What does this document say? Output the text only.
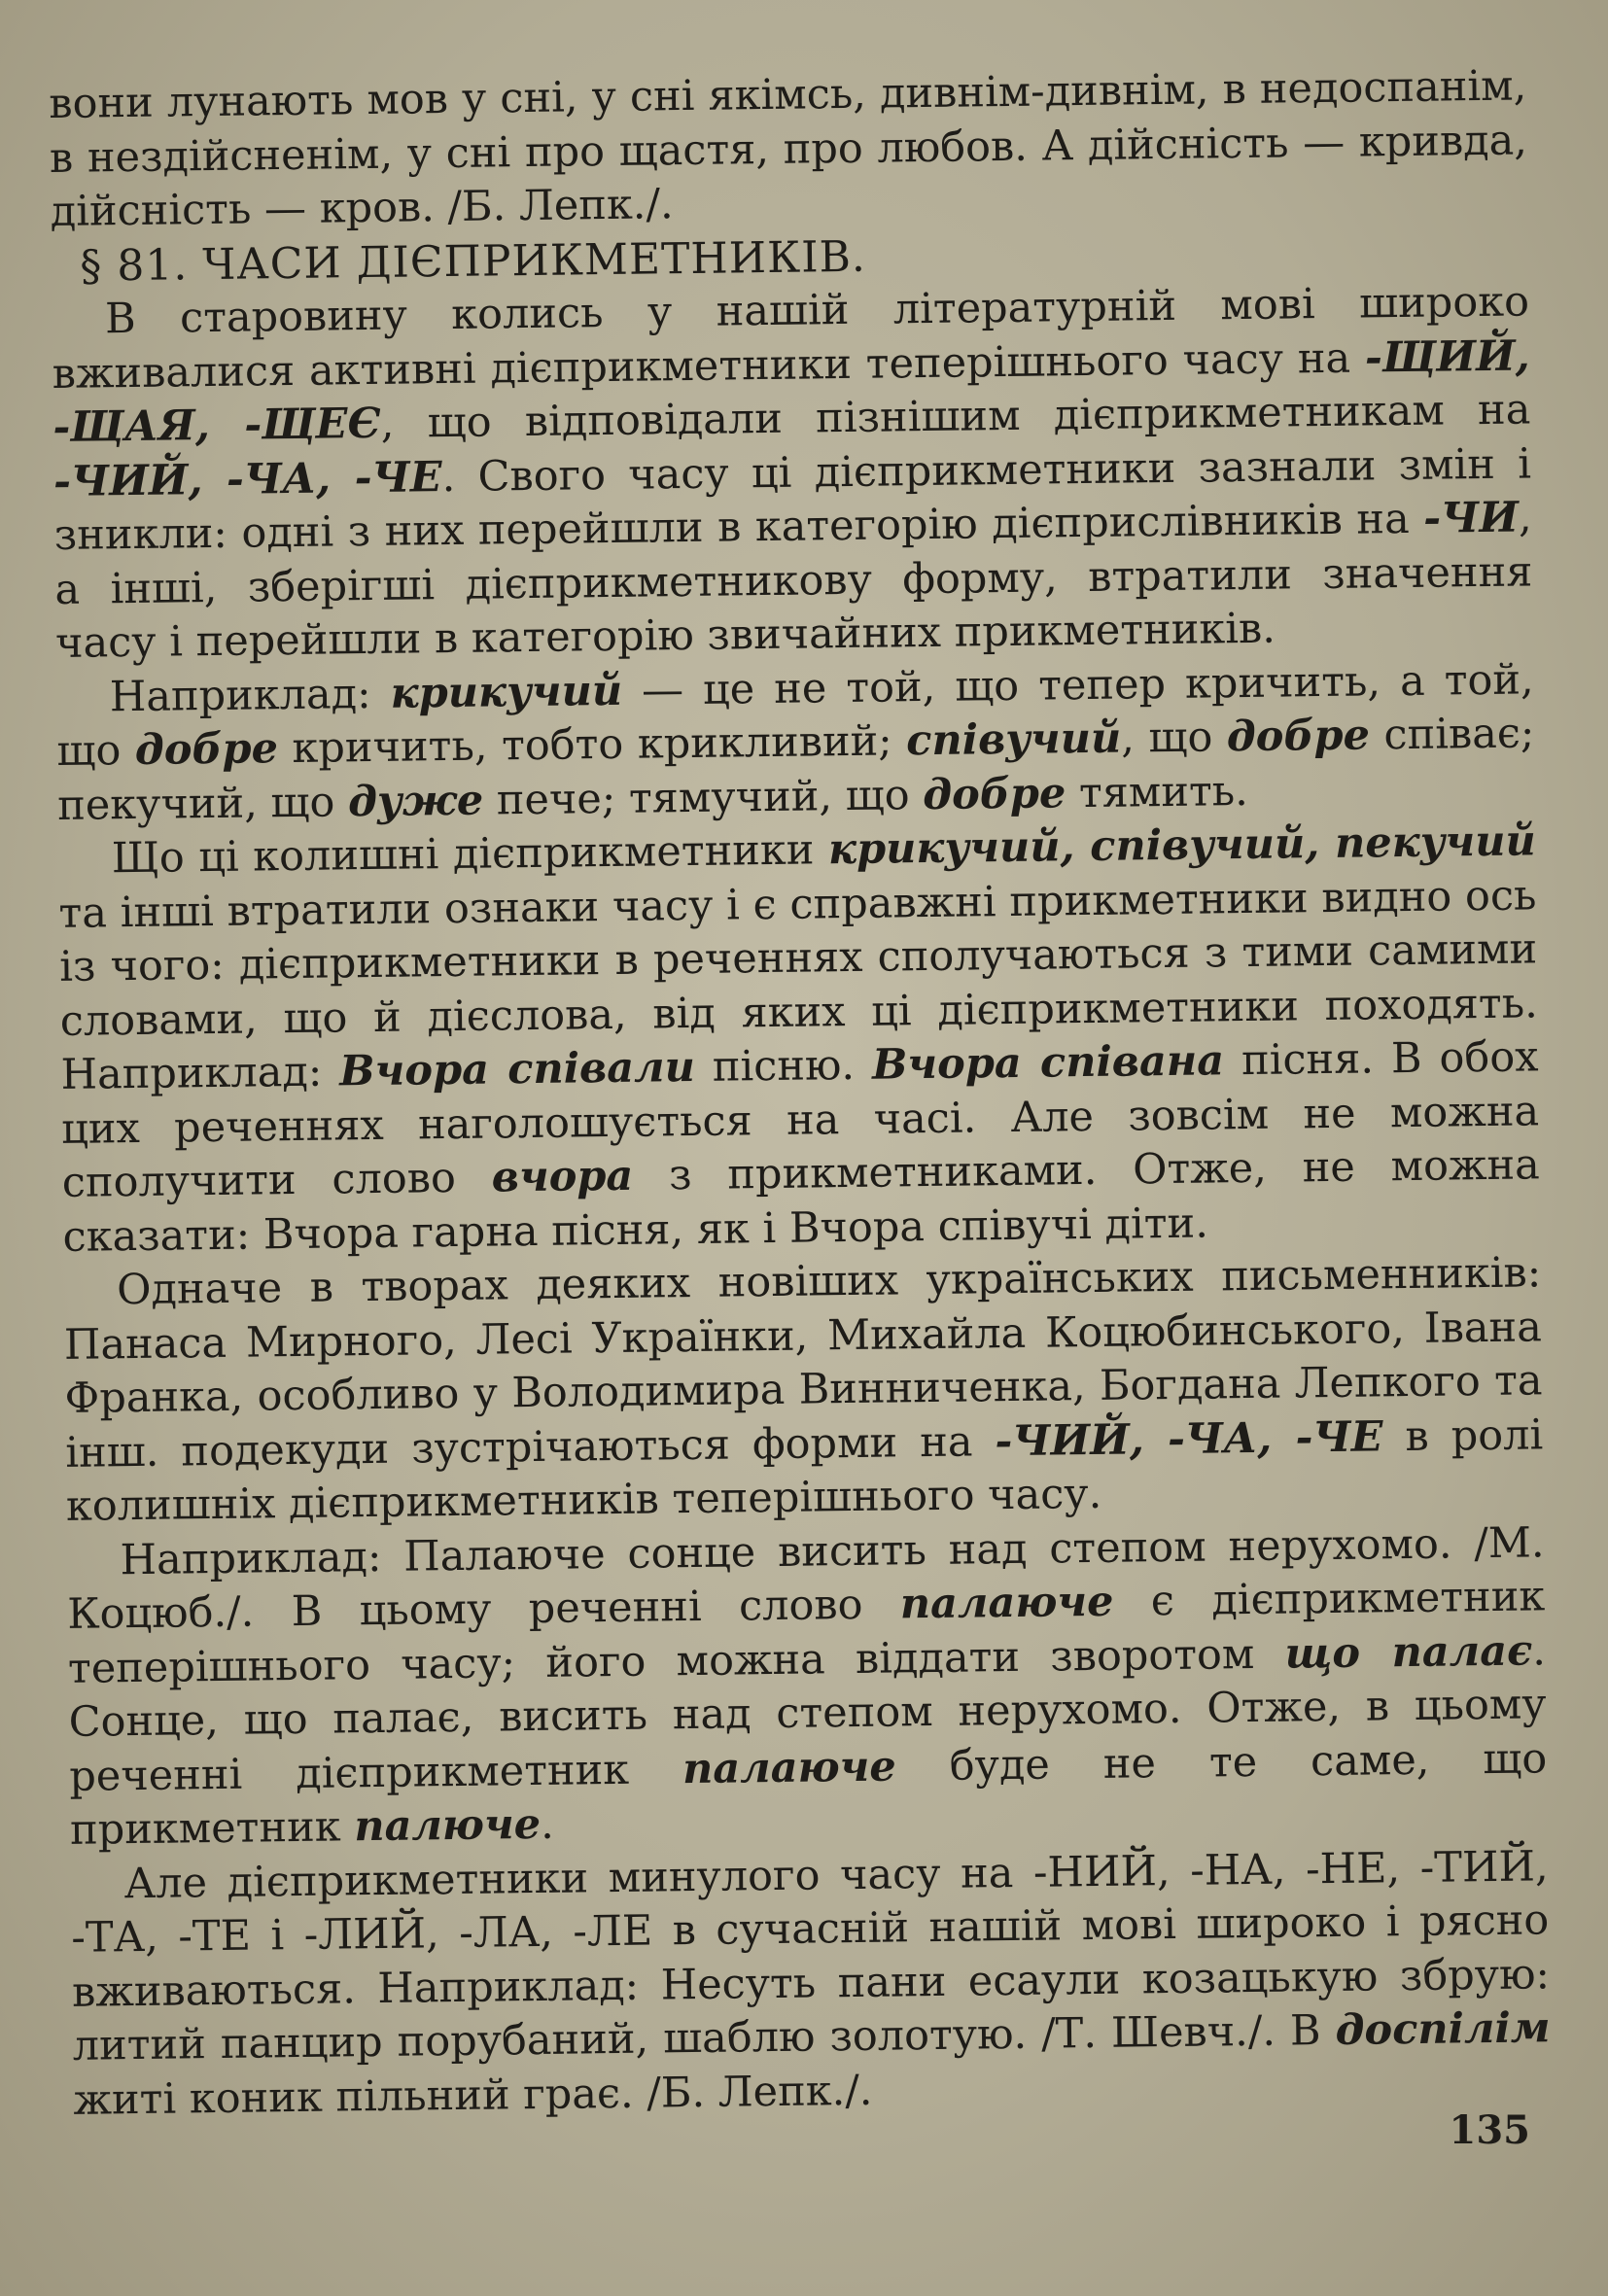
вони лунають мов у сні, у сні якімсь, дивнім-дивнім, в недоспанім, в нездійсненім, у сні про щастя, про любов. А дійсність — кривда, дійсність — кров. /Б. Лепк./.

§ 81. ЧАСИ ДІЄПРИКМЕТНИКІВ.

В старовину колись у нашій літературній мові широко вживалися активні дієприкметники теперішнього часу на -ЩИЙ, -ЩАЯ, -ЩЕЄ, що відповідали пізнішим дієприкметникам на -ЧИЙ, -ЧА, -ЧЕ. Свого часу ці дієприкметники зазнали змін і зникли: одні з них перейшли в категорію дієприслівників на -ЧИ, а інші, зберігші дієприкметникову форму, втратили значення часу і перейшли в категорію звичайних прикметників.

Наприклад: крикучий — це не той, що тепер кричить, а той, що добре кричить, тобто крикливий; співучий, що добре співає; пекучий, що дуже пече; тямучий, що добре тямить.

Що ці колишні дієприкметники крикучий, співучий, пекучий та інші втратили ознаки часу і є справжні прикметники видно ось із чого: дієприкметники в реченнях сполучаються з тими самими словами, що й дієслова, від яких ці дієприкметники походять. Наприклад: Вчора співали пісню. Вчора співана пісня. В обох цих реченнях наголошується на часі. Але зовсім не можна сполучити слово вчора з прикметниками. Отже, не можна сказати: Вчора гарна пісня, як і Вчора співучі діти.

Одначе в творах деяких новіших українських письменників: Панаса Мирного, Лесі Українки, Михайла Коцюбинського, Івана Франка, особливо у Володимира Винниченка, Богдана Лепкого та інш. подекуди зустрічаються форми на -ЧИЙ, -ЧА, -ЧЕ в ролі колишніх дієприкметників теперішнього часу.

Наприклад: Палаюче сонце висить над степом нерухомо. /М. Коцюб./. В цьому реченні слово палаюче є дієприкметник теперішнього часу; його можна віддати зворотом що палає. Сонце, що палає, висить над степом нерухомо. Отже, в цьому реченні дієприкметник палаюче буде не те саме, що прикметник палюче.

Але дієприкметники минулого часу на -НИЙ, -НА, -НЕ, -ТИЙ, -ТА, -ТЕ і -ЛИЙ, -ЛА, -ЛЕ в сучасній нашій мові широко і рясно вживаються. Наприклад: Несуть пани есаули козацькую збрую: литий панцир порубаний, шаблю золотую. /Т. Шевч./. В доспілім житі коник пільний грає. /Б. Лепк./.

135
